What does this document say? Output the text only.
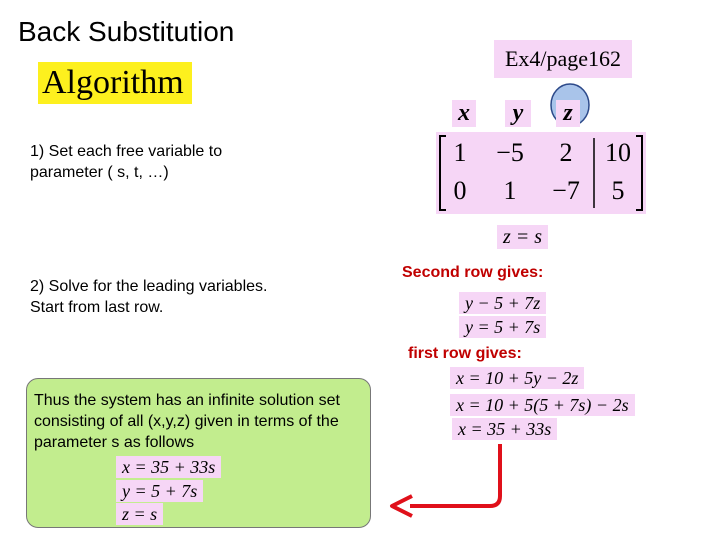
Back Substitution
Algorithm
Ex4/page162
1) Set each free variable to
parameter ( s, t, …)
2) Solve for the leading variables.
Start from last row.
x	y	z
1	−5	2	10
0	1	−7	5
z = s
Second row gives:
y − 5 + 7z
y = 5 + 7s
first row gives:
x = 10 + 5y − 2z
x = 10 + 5(5 + 7s) − 2s
x = 35 + 33s
Thus the system has an infinite solution set consisting of all (x,y,z) given in terms of the parameter s as follows
x = 35 + 33s
y = 5 + 7s
z = s
